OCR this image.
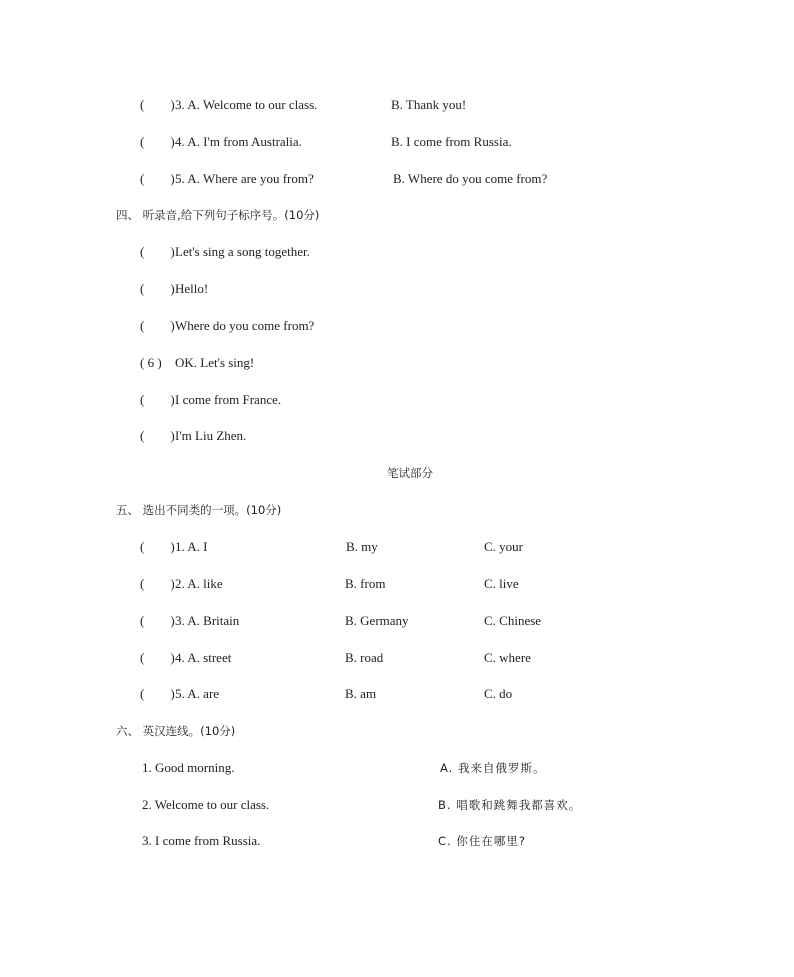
(　　) 3. A. Welcome to our class.	B. Thank you!
(　　) 4. A. I'm from Australia.	B. I come from Russia.
(　　) 5. A. Where are you from?	B. Where do you come from?
四、 听录音,给下列句子标序号。(10分)
(　　) Let's sing a song together.
(　　) Hello!
(　　) Where do you come from?
( 6 ) OK. Let's sing!
(　　) I come from France.
(　　) I'm Liu Zhen.
笔试部分
五、 选出不同类的一项。(10分)
(　　) 1. A. I	B. my	C. your
(　　) 2. A. like	B. from	C. live
(　　) 3. A. Britain	B. Germany	C. Chinese
(　　) 4. A. street	B. road	C. where
(　　) 5. A. are	B. am	C. do
六、 英汉连线。(10分)
1. Good morning.	A. 我来自俄罗斯。
2. Welcome to our class.	B. 唱歌和跳舞我都喜欢。
3. I come from Russia.	C. 你住在哪里?
